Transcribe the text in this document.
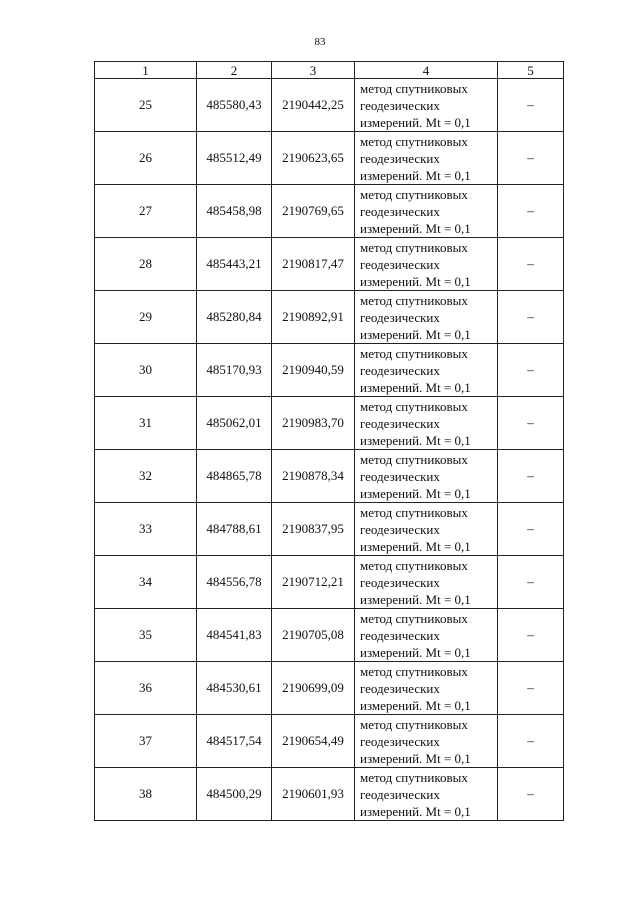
83
1	2	3	4	5
25	485580,43	2190442,25	метод спутниковых
геодезических
измерений. Mt = 0,1	–
26	485512,49	2190623,65	метод спутниковых
геодезических
измерений. Mt = 0,1	–
27	485458,98	2190769,65	метод спутниковых
геодезических
измерений. Mt = 0,1	–
28	485443,21	2190817,47	метод спутниковых
геодезических
измерений. Mt = 0,1	–
29	485280,84	2190892,91	метод спутниковых
геодезических
измерений. Mt = 0,1	–
30	485170,93	2190940,59	метод спутниковых
геодезических
измерений. Mt = 0,1	–
31	485062,01	2190983,70	метод спутниковых
геодезических
измерений. Mt = 0,1	–
32	484865,78	2190878,34	метод спутниковых
геодезических
измерений. Mt = 0,1	–
33	484788,61	2190837,95	метод спутниковых
геодезических
измерений. Mt = 0,1	–
34	484556,78	2190712,21	метод спутниковых
геодезических
измерений. Mt = 0,1	–
35	484541,83	2190705,08	метод спутниковых
геодезических
измерений. Mt = 0,1	–
36	484530,61	2190699,09	метод спутниковых
геодезических
измерений. Mt = 0,1	–
37	484517,54	2190654,49	метод спутниковых
геодезических
измерений. Mt = 0,1	–
38	484500,29	2190601,93	метод спутниковых
геодезических
измерений. Mt = 0,1	–
